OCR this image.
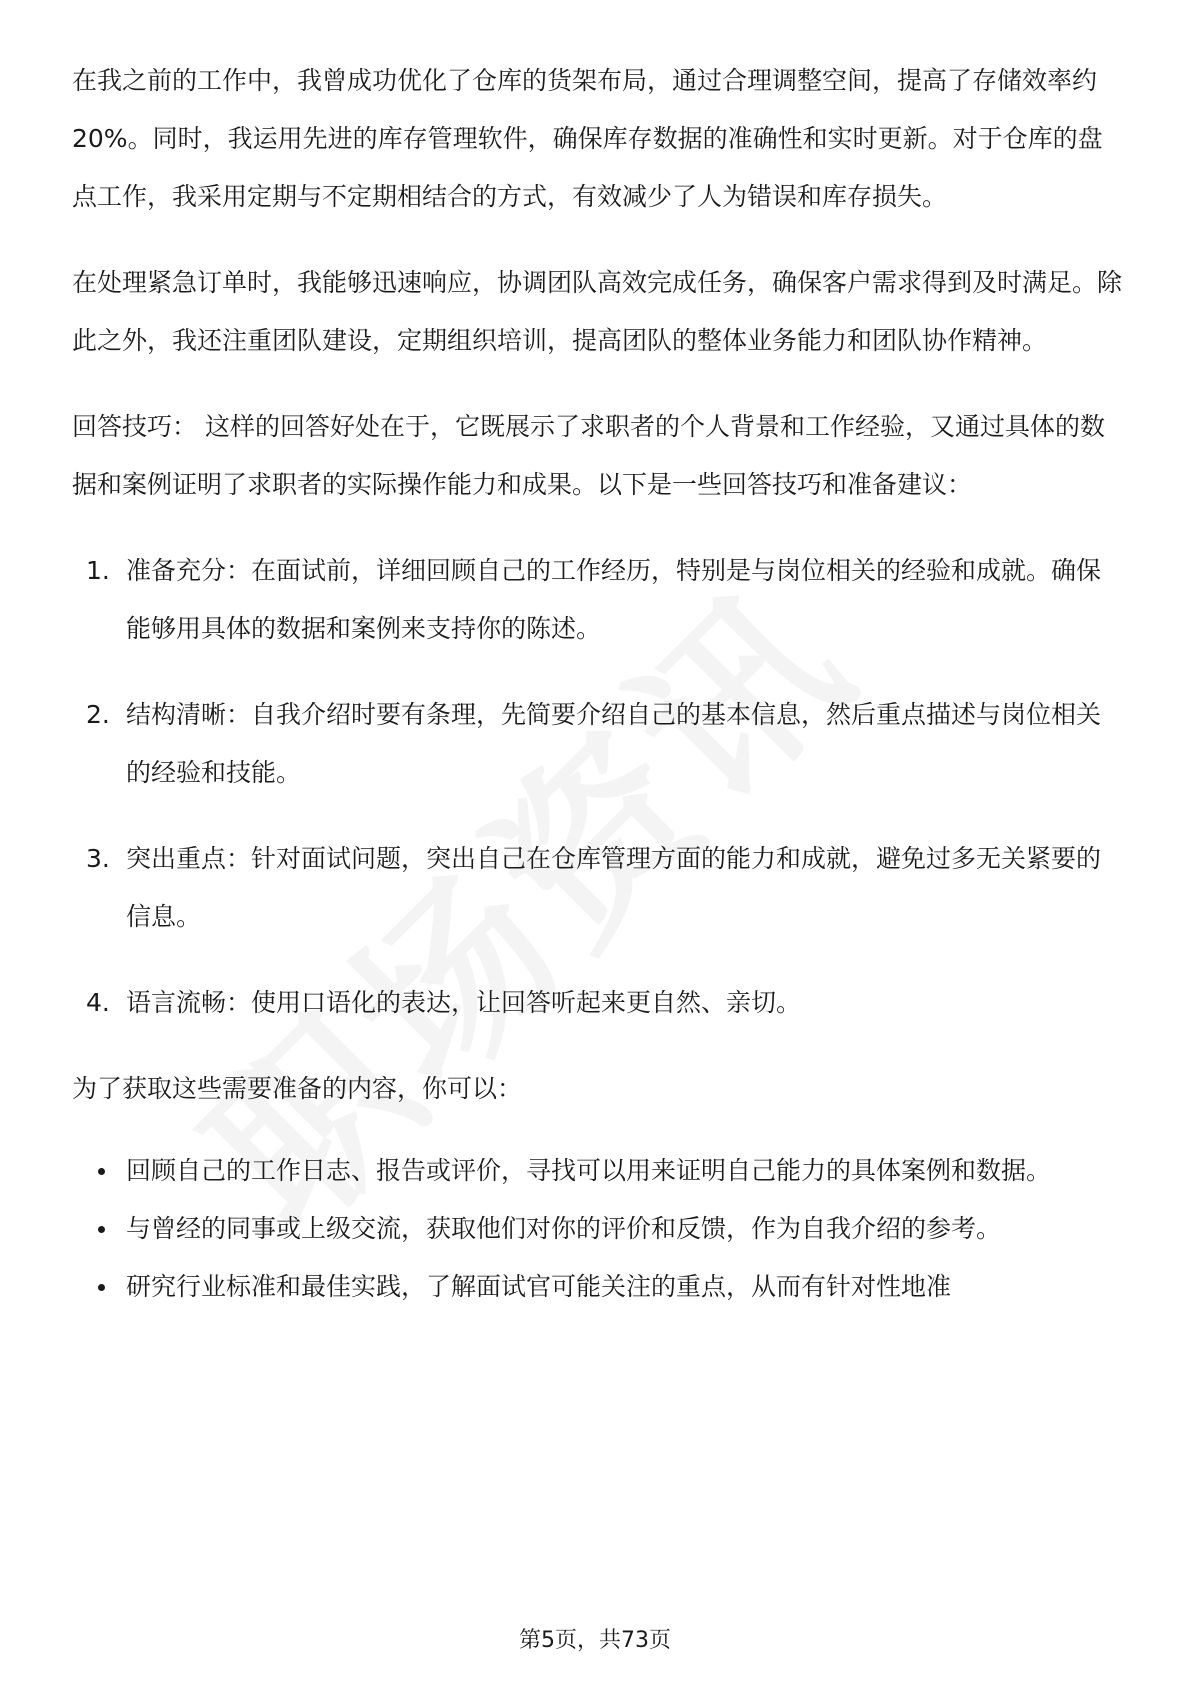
在我之前的工作中，我曾成功优化了仓库的货架布局，通过合理调整空间，提高了存储效率约20%。同时，我运用先进的库存管理软件，确保库存数据的准确性和实时更新。对于仓库的盘点工作，我采用定期与不定期相结合的方式，有效减少了人为错误和库存损失。

在处理紧急订单时，我能够迅速响应，协调团队高效完成任务，确保客户需求得到及时满足。除此之外，我还注重团队建设，定期组织培训，提高团队的整体业务能力和团队协作精神。

回答技巧： 这样的回答好处在于，它既展示了求职者的个人背景和工作经验，又通过具体的数据和案例证明了求职者的实际操作能力和成果。以下是一些回答技巧和准备建议：

1. 准备充分：在面试前，详细回顾自己的工作经历，特别是与岗位相关的经验和成就。确保能够用具体的数据和案例来支持你的陈述。
2. 结构清晰：自我介绍时要有条理，先简要介绍自己的基本信息，然后重点描述与岗位相关的经验和技能。
3. 突出重点：针对面试问题，突出自己在仓库管理方面的能力和成就，避免过多无关紧要的信息。
4. 语言流畅：使用口语化的表达，让回答听起来更自然、亲切。

为了获取这些需要准备的内容，你可以：

回顾自己的工作日志、报告或评价，寻找可以用来证明自己能力的具体案例和数据。
与曾经的同事或上级交流，获取他们对你的评价和反馈，作为自我介绍的参考。
研究行业标准和最佳实践，了解面试官可能关注的重点，从而有针对性地准
第5页，共73页
